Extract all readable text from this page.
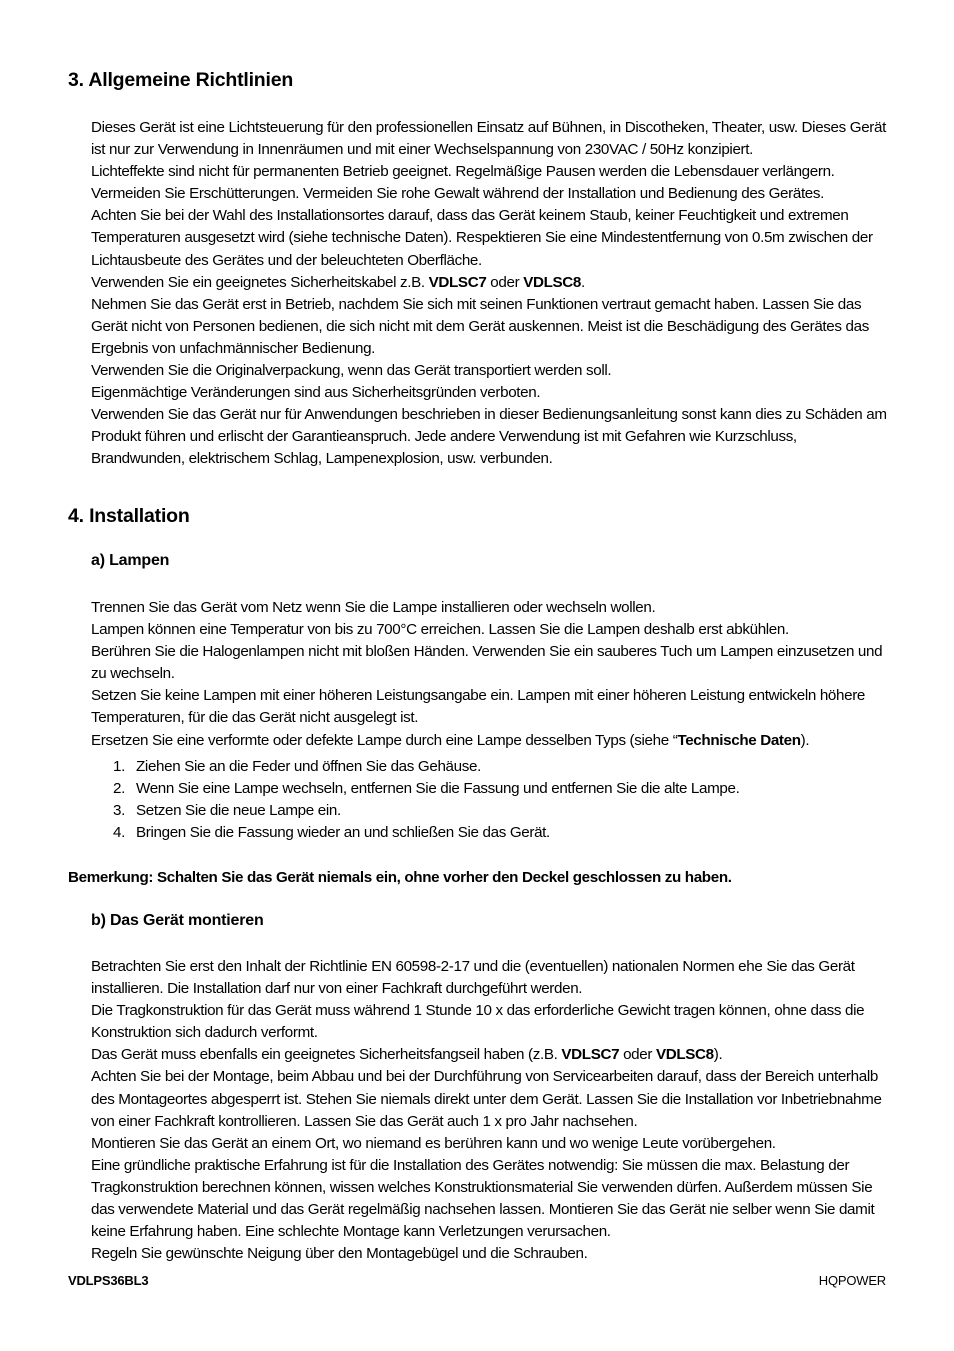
3. Allgemeine Richtlinien

Dieses Gerät ist eine Lichtsteuerung für den professionellen Einsatz auf Bühnen, in Discotheken, Theater, usw. Dieses Gerät ist nur zur Verwendung in Innenräumen und mit einer Wechselspannung von 230VAC / 50Hz konzipiert.

Lichteffekte sind nicht für permanenten Betrieb geeignet. Regelmäßige Pausen werden die Lebensdauer verlängern.

Vermeiden Sie Erschütterungen. Vermeiden Sie rohe Gewalt während der Installation und Bedienung des Gerätes.

Achten Sie bei der Wahl des Installationsortes darauf, dass das Gerät keinem Staub, keiner Feuchtigkeit und extremen Temperaturen ausgesetzt wird (siehe technische Daten). Respektieren Sie eine Mindestentfernung von 0.5m zwischen der Lichtausbeute des Gerätes und der beleuchteten Oberfläche.

Verwenden Sie ein geeignetes Sicherheitskabel z.B. VDLSC7 oder VDLSC8.

Nehmen Sie das Gerät erst in Betrieb, nachdem Sie sich mit seinen Funktionen vertraut gemacht haben. Lassen Sie das Gerät nicht von Personen bedienen, die sich nicht mit dem Gerät auskennen. Meist ist die Beschädigung des Gerätes das Ergebnis von unfachmännischer Bedienung.

Verwenden Sie die Originalverpackung, wenn das Gerät transportiert werden soll.

Eigenmächtige Veränderungen sind aus Sicherheitsgründen verboten.

Verwenden Sie das Gerät nur für Anwendungen beschrieben in dieser Bedienungsanleitung sonst kann dies zu Schäden am Produkt führen und erlischt der Garantieanspruch. Jede andere Verwendung ist mit Gefahren wie Kurzschluss, Brandwunden, elektrischem Schlag, Lampenexplosion, usw. verbunden.

4. Installation
a) Lampen

Trennen Sie das Gerät vom Netz wenn Sie die Lampe installieren oder wechseln wollen.

Lampen können eine Temperatur von bis zu 700°C erreichen. Lassen Sie die Lampen deshalb erst abkühlen.

Berühren Sie die Halogenlampen nicht mit bloßen Händen. Verwenden Sie ein sauberes Tuch um Lampen einzusetzen und zu wechseln.

Setzen Sie keine Lampen mit einer höheren Leistungsangabe ein. Lampen mit einer höheren Leistung entwickeln höhere Temperaturen, für die das Gerät nicht ausgelegt ist.

Ersetzen Sie eine verformte oder defekte Lampe durch eine Lampe desselben Typs (siehe “Technische Daten).

1. Ziehen Sie an die Feder und öffnen Sie das Gehäuse.
2. Wenn Sie eine Lampe wechseln, entfernen Sie die Fassung und entfernen Sie die alte Lampe.
3. Setzen Sie die neue Lampe ein.
4. Bringen Sie die Fassung wieder an und schließen Sie das Gerät.
Bemerkung: Schalten Sie das Gerät niemals ein, ohne vorher den Deckel geschlossen zu haben.
b) Das Gerät montieren

Betrachten Sie erst den Inhalt der Richtlinie EN 60598-2-17 und die (eventuellen) nationalen Normen ehe Sie das Gerät installieren. Die Installation darf nur von einer Fachkraft durchgeführt werden.

Die Tragkonstruktion für das Gerät muss während 1 Stunde 10 x das erforderliche Gewicht tragen können, ohne dass die Konstruktion sich dadurch verformt.

Das Gerät muss ebenfalls ein geeignetes Sicherheitsfangseil haben (z.B. VDLSC7 oder VDLSC8).

Achten Sie bei der Montage, beim Abbau und bei der Durchführung von Servicearbeiten darauf, dass der Bereich unterhalb des Montageortes abgesperrt ist. Stehen Sie niemals direkt unter dem Gerät. Lassen Sie die Installation vor Inbetriebnahme von einer Fachkraft kontrollieren. Lassen Sie das Gerät auch 1 x pro Jahr nachsehen.

Montieren Sie das Gerät an einem Ort, wo niemand es berühren kann und wo wenige Leute vorübergehen.

Eine gründliche praktische Erfahrung ist für die Installation des Gerätes notwendig: Sie müssen die max. Belastung der Tragkonstruktion berechnen können, wissen welches Konstruktionsmaterial Sie verwenden dürfen. Außerdem müssen Sie das verwendete Material und das Gerät regelmäßig nachsehen lassen. Montieren Sie das Gerät nie selber wenn Sie damit keine Erfahrung haben. Eine schlechte Montage kann Verletzungen verursachen.

Regeln Sie gewünschte Neigung über den Montagebügel und die Schrauben.

VDLPS36BL3	HQPOWER
